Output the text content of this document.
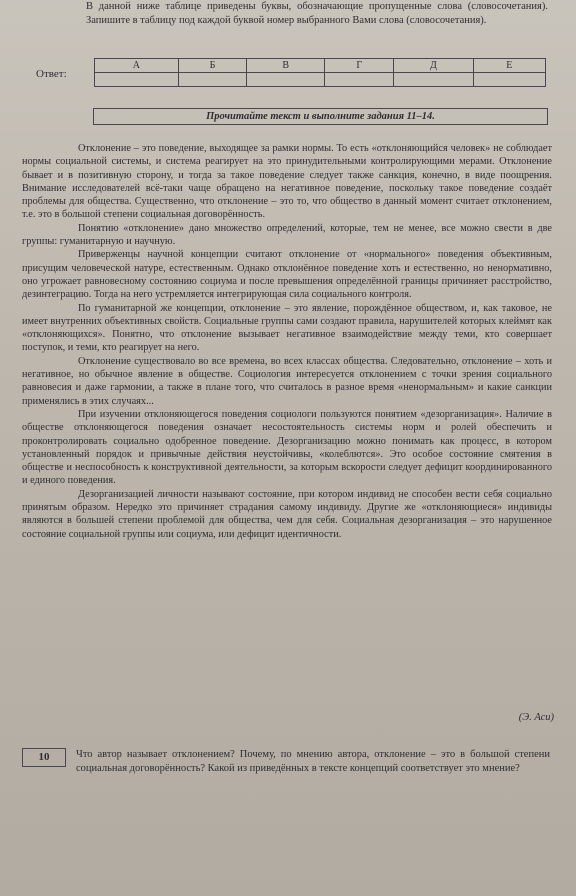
В данной ниже таблице приведены буквы, обозначающие пропущенные слова (словосочетания). Запишите в таблицу под каждой буквой номер выбранного Вами слова (словосочетания).

Ответ:
А	Б	В	Г	Д	Е

Прочитайте текст и выполните задания 11–14.

Отклонение – это поведение, выходящее за рамки нормы. То есть «отклоняющийся человек» не соблюдает нормы социальной системы, и система реагирует на это принудительными контролирующими мерами. Отклонение бывает и в позитивную сторону, и тогда за такое поведение следует также санкция, конечно, в виде поощрения. Внимание исследователей всё-таки чаще обращено на негативное поведение, поскольку такое поведение создаёт проблемы для общества. Существенно, что отклонение – это то, что общество в данный момент считает отклонением, т.е. это в большой степени социальная договорённость.

Понятию «отклонение» дано множество определений, которые, тем не менее, все можно свести в две группы: гуманитарную и научную.

Приверженцы научной концепции считают отклонение от «нормального» поведения объективным, присущим человеческой натуре, естественным. Однако отклонённое поведение хоть и естественно, но ненормативно, оно угрожает равновесному состоянию социума и после превышения определённой границы причиняет расстройство, дезинтеграцию. Тогда на него устремляется интегрирующая сила социального контроля.

По гуманитарной же концепции, отклонение – это явление, порождённое обществом, и, как таковое, не имеет внутренних объективных свойств. Социальные группы сами создают правила, нарушителей которых клеймят как «отклоняющихся». Понятно, что отклонение вызывает негативное взаимодействие между теми, кто совершает поступок, и теми, кто реагирует на него.

Отклонение существовало во все времена, во всех классах общества. Следовательно, отклонение – хоть и негативное, но обычное явление в обществе. Социология интересуется отклонением с точки зрения социального равновесия и даже гармонии, а также в плане того, что считалось в разное время «ненормальным» и какие санкции применялись в этих случаях...

При изучении отклоняющегося поведения социологи пользуются понятием «дезорганизация». Наличие в обществе отклоняющегося поведения означает несостоятельность системы норм и ролей обеспечить и проконтролировать социально одобренное поведение. Дезорганизацию можно понимать как процесс, в котором установленный порядок и привычные действия неустойчивы, «колеблются». Это особое состояние смятения в обществе и неспособность к конструктивной деятельности, за которым вскорости следует дефицит координированного и единого поведения.

Дезорганизацией личности называют состояние, при котором индивид не способен вести себя социально принятым образом. Нередко это причиняет страдания самому индивиду. Другие же «отклоняющиеся» индивиды являются в большей степени проблемой для общества, чем для себя. Социальная дезорганизация – это нарушенное состояние социальной группы или социума, или дефицит идентичности.

(Э. Аси)
10	Что автор называет отклонением? Почему, по мнению автора, отклонение – это в большой степени социальная договорённость? Какой из приведённых в тексте концепций соответствует это мнение?
